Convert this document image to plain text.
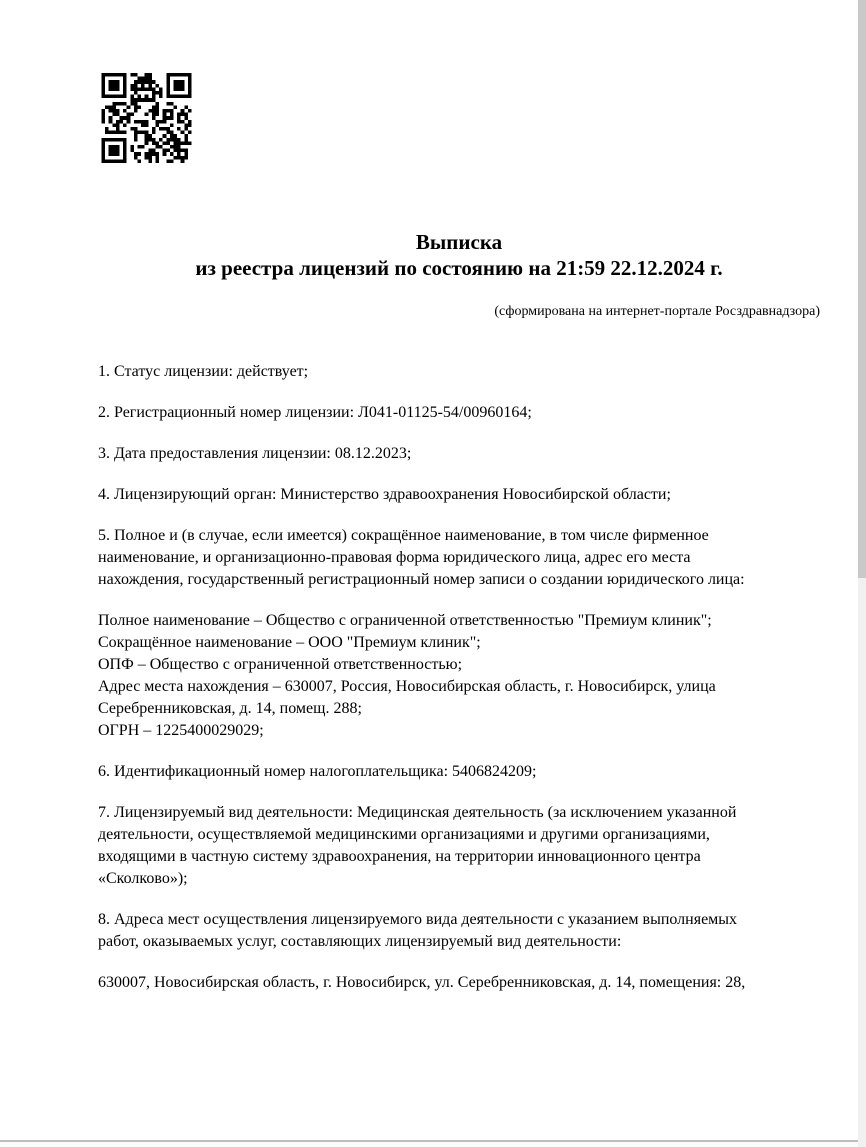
Выписка
из реестра лицензий по состоянию на 21:59 22.12.2024 г.
(сформирована на интернет-портале Росздравнадзора)
1. Статус лицензии: действует;
2. Регистрационный номер лицензии: Л041-01125-54/00960164;
3. Дата предоставления лицензии: 08.12.2023;
4. Лицензирующий орган: Министерство здравоохранения Новосибирской области;
5. Полное и (в случае, если имеется) сокращённое наименование, в том числе фирменное
наименование, и организационно-правовая форма юридического лица, адрес его места
нахождения, государственный регистрационный номер записи о создании юридического лица:
Полное наименование – Общество с ограниченной ответственностью "Премиум клиник";
Сокращённое наименование – ООО "Премиум клиник";
ОПФ – Общество с ограниченной ответственностью;
Адрес места нахождения – 630007, Россия, Новосибирская область, г. Новосибирск, улица
Серебренниковская, д. 14, помещ. 288;
ОГРН – 1225400029029;
6. Идентификационный номер налогоплательщика: 5406824209;
7. Лицензируемый вид деятельности: Медицинская деятельность (за исключением указанной
деятельности, осуществляемой медицинскими организациями и другими организациями,
входящими в частную систему здравоохранения, на территории инновационного центра
«Сколково»);
8. Адреса мест осуществления лицензируемого вида деятельности с указанием выполняемых
работ, оказываемых услуг, составляющих лицензируемый вид деятельности:
630007, Новосибирская область, г. Новосибирск, ул. Серебренниковская, д. 14, помещения: 28,
